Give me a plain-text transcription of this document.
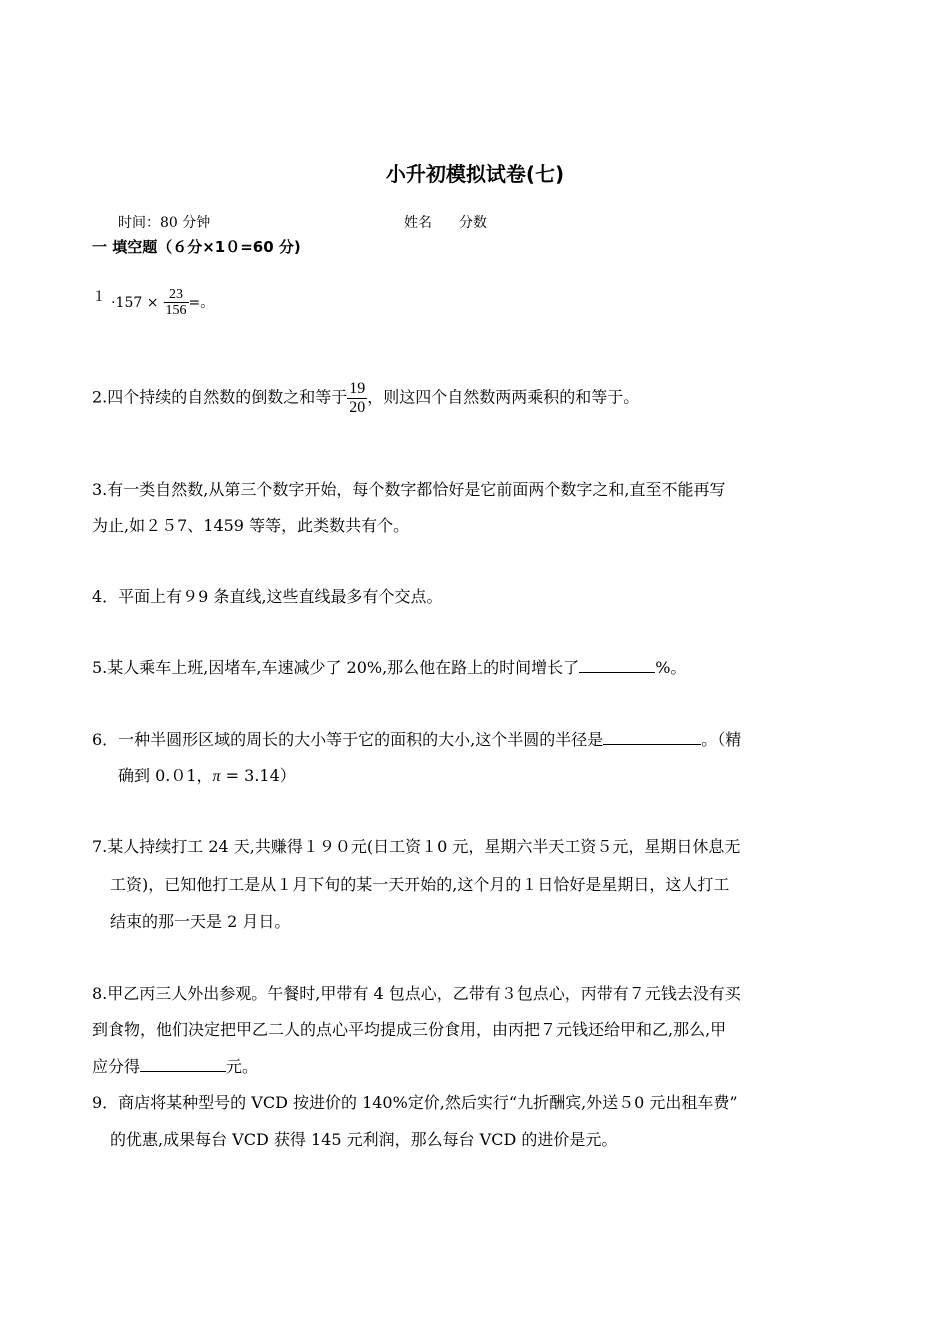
小升初模拟试卷(七)
时间：80 分钟	姓名 分数
一 填空题（６分×1０=60 分)
$1 \cdot 157 \times \frac{23}{156}$ =。
2.四个持续的自然数的倒数之和等于 $\frac{19}{20}$ ，则这四个自然数两两乘积的和等于。
3.有一类自然数,从第三个数字开始，每个数字都恰好是它前面两个数字之和,直至不能再写
为止,如２５7、1459 等等，此类数共有个。
4．平面上有９9 条直线,这些直线最多有个交点。
5.某人乘车上班,因堵车,车速减少了 20%,那么他在路上的时间增长了	%。
6．一种半圆形区域的周长的大小等于它的面积的大小,这个半圆的半径是	。（精
确到 0.０1，π = 3.14）
7.某人持续打工 24 天,共赚得１９０元(日工资１0 元，星期六半天工资５元，星期日休息无
工资)，已知他打工是从１月下旬的某一天开始的,这个月的１日恰好是星期日，这人打工
结束的那一天是 2 月日。
8.甲乙丙三人外出参观。午餐时,甲带有 4 包点心，乙带有３包点心，丙带有７元钱去没有买
到食物，他们决定把甲乙二人的点心平均提成三份食用，由丙把７元钱还给甲和乙,那么,甲
应分得	元。
9．商店将某种型号的 VCD 按进价的 140%定价,然后实行“九折酬宾,外送５0 元出租车费”
的优惠,成果每台 VCD 获得 145 元利润，那么每台 VCD 的进价是元。
